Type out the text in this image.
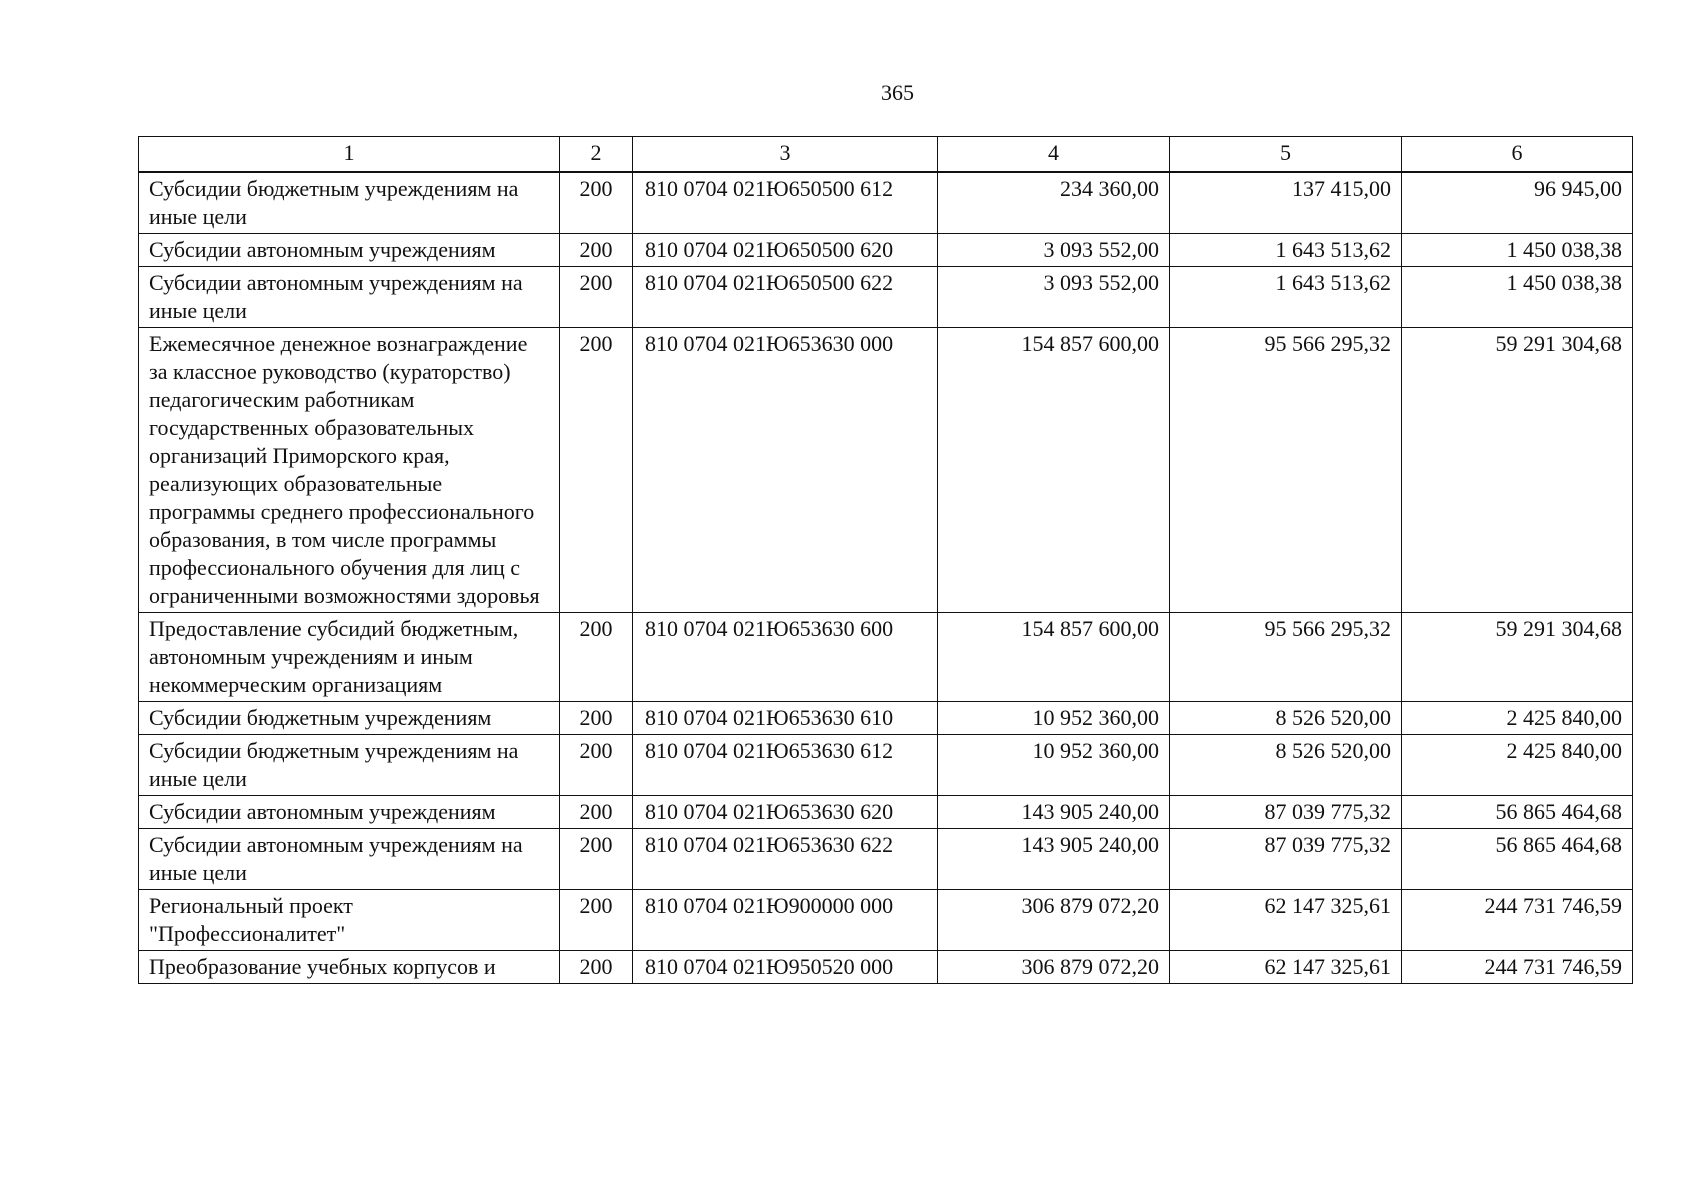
365
1	2	3	4	5	6
Субсидии бюджетным учреждениям на иные цели	200	810 0704 021Ю650500 612	234 360,00	137 415,00	96 945,00
Субсидии автономным учреждениям	200	810 0704 021Ю650500 620	3 093 552,00	1 643 513,62	1 450 038,38
Субсидии автономным учреждениям на иные цели	200	810 0704 021Ю650500 622	3 093 552,00	1 643 513,62	1 450 038,38
Ежемесячное денежное вознаграждение за классное руководство (кураторство) педагогическим работникам государственных образовательных организаций Приморского края, реализующих образовательные программы среднего профессионального образования, в том числе программы профессионального обучения для лиц с ограниченными возможностями здоровья	200	810 0704 021Ю653630 000	154 857 600,00	95 566 295,32	59 291 304,68
Предоставление субсидий бюджетным, автономным учреждениям и иным некоммерческим организациям	200	810 0704 021Ю653630 600	154 857 600,00	95 566 295,32	59 291 304,68
Субсидии бюджетным учреждениям	200	810 0704 021Ю653630 610	10 952 360,00	8 526 520,00	2 425 840,00
Субсидии бюджетным учреждениям на иные цели	200	810 0704 021Ю653630 612	10 952 360,00	8 526 520,00	2 425 840,00
Субсидии автономным учреждениям	200	810 0704 021Ю653630 620	143 905 240,00	87 039 775,32	56 865 464,68
Субсидии автономным учреждениям на иные цели	200	810 0704 021Ю653630 622	143 905 240,00	87 039 775,32	56 865 464,68
Региональный проект "Профессионалитет"	200	810 0704 021Ю900000 000	306 879 072,20	62 147 325,61	244 731 746,59
Преобразование учебных корпусов и	200	810 0704 021Ю950520 000	306 879 072,20	62 147 325,61	244 731 746,59
